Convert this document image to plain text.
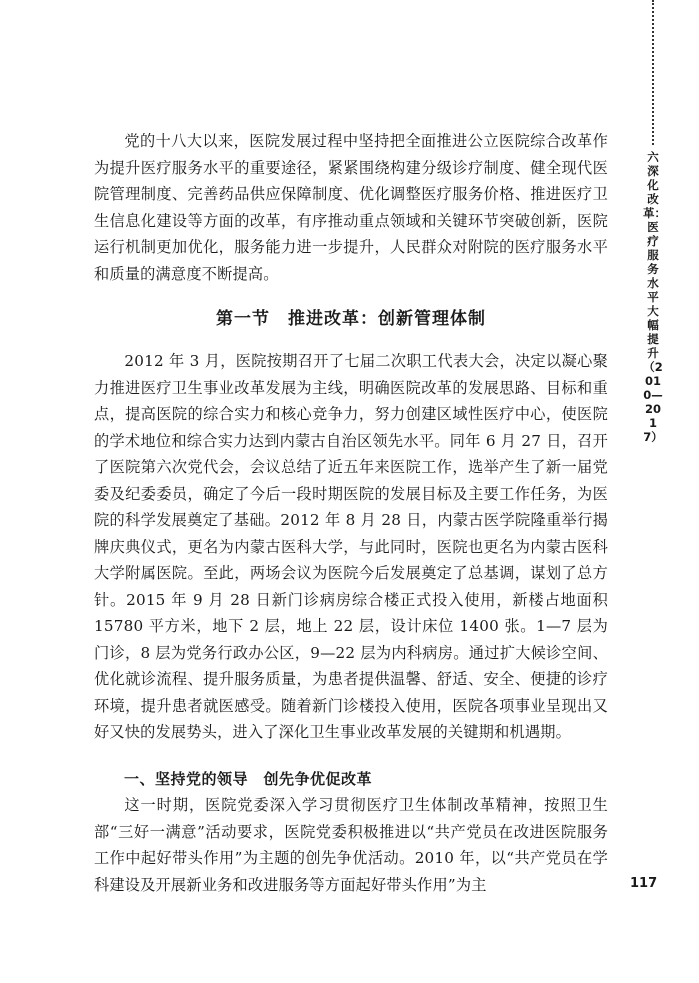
六　深化改革：医疗服务水平大幅提升（2010—2017）

党的十八大以来，医院发展过程中坚持把全面推进公立医院综合改革作为提升医疗服务水平的重要途径，紧紧围绕构建分级诊疗制度、健全现代医院管理制度、完善药品供应保障制度、优化调整医疗服务价格、推进医疗卫生信息化建设等方面的改革，有序推动重点领域和关键环节突破创新，医院运行机制更加优化，服务能力进一步提升，人民群众对附院的医疗服务水平和质量的满意度不断提高。

第一节　推进改革：创新管理体制

2012 年 3 月，医院按期召开了七届二次职工代表大会，决定以凝心聚力推进医疗卫生事业改革发展为主线，明确医院改革的发展思路、目标和重点，提高医院的综合实力和核心竞争力，努力创建区域性医疗中心，使医院的学术地位和综合实力达到内蒙古自治区领先水平。同年 6 月 27 日，召开了医院第六次党代会，会议总结了近五年来医院工作，选举产生了新一届党委及纪委委员，确定了今后一段时期医院的发展目标及主要工作任务，为医院的科学发展奠定了基础。2012 年 8 月 28 日，内蒙古医学院隆重举行揭牌庆典仪式，更名为内蒙古医科大学，与此同时，医院也更名为内蒙古医科大学附属医院。至此，两场会议为医院今后发展奠定了总基调，谋划了总方针。2015 年 9 月 28 日新门诊病房综合楼正式投入使用，新楼占地面积 15780 平方米，地下 2 层，地上 22 层，设计床位 1400 张。1—7 层为门诊，8 层为党务行政办公区，9—22 层为内科病房。通过扩大候诊空间、优化就诊流程、提升服务质量，为患者提供温馨、舒适、安全、便捷的诊疗环境，提升患者就医感受。随着新门诊楼投入使用，医院各项事业呈现出又好又快的发展势头，进入了深化卫生事业改革发展的关键期和机遇期。

一、坚持党的领导　创先争优促改革

这一时期，医院党委深入学习贯彻医疗卫生体制改革精神，按照卫生部“三好一满意”活动要求，医院党委积极推进以“共产党员在改进医院服务工作中起好带头作用”为主题的创先争优活动。2010 年，以“共产党员在学科建设及开展新业务和改进服务等方面起好带头作用”为主	117
